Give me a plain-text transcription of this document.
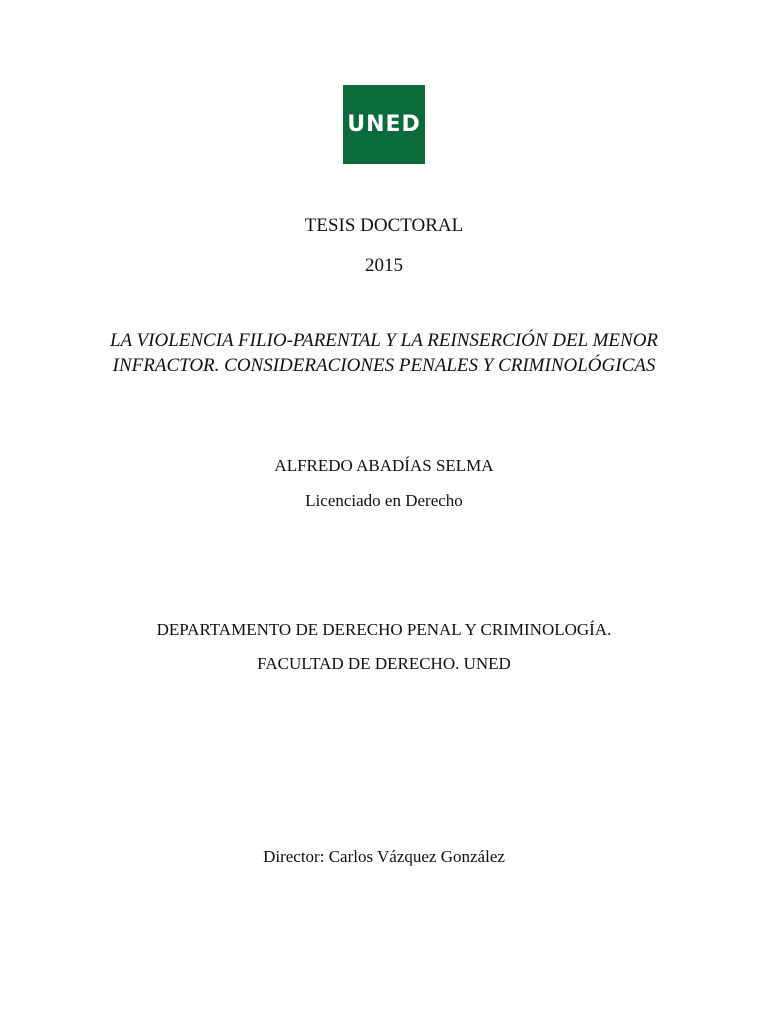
UNED
TESIS DOCTORAL
2015
LA VIOLENCIA FILIO-PARENTAL Y LA REINSERCIÓN DEL MENOR
INFRACTOR. CONSIDERACIONES PENALES Y CRIMINOLÓGICAS
ALFREDO ABADÍAS SELMA
Licenciado en Derecho
DEPARTAMENTO DE DERECHO PENAL Y CRIMINOLOGÍA.
FACULTAD DE DERECHO. UNED
Director: Carlos Vázquez González
